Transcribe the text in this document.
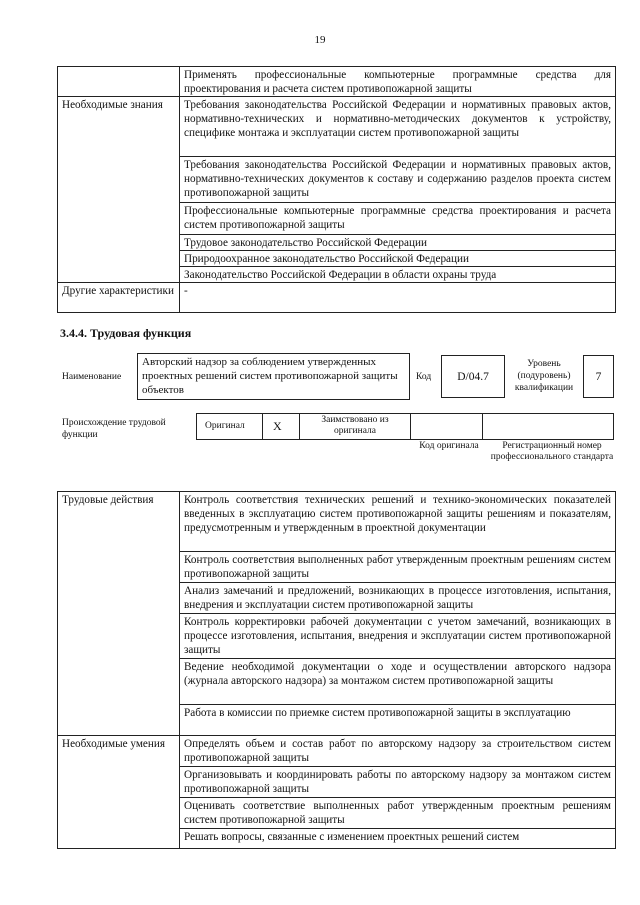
19
	Применять профессиональные компьютерные программные средства для проектирования и расчета систем противопожарной защиты
Необходимые знания	Требования законодательства Российской Федерации и нормативных правовых актов, нормативно-технических и нормативно-методических документов к устройству, специфике монтажа и эксплуатации систем противопожарной защиты
	Требования законодательства Российской Федерации и нормативных правовых актов, нормативно-технических документов к составу и содержанию разделов проекта систем противопожарной защиты
	Профессиональные компьютерные программные средства проектирования и расчета систем противопожарной защиты
	Трудовое законодательство Российской Федерации
	Природоохранное законодательство Российской Федерации
	Законодательство Российской Федерации в области охраны труда
Другие характеристики	-
3.4.4. Трудовая функция
Наименование
Авторский надзор за соблюдением утвержденных проектных решений систем противопожарной защиты объектов
Код D/04.7
Уровень (подуровень) квалификации
7
Происхождение трудовой функции
Оригинал X	Заимствовано из оригинала
Код оригинала	Регистрационный номер профессионального стандарта
Трудовые действия	Контроль соответствия технических решений и технико-экономических показателей введенных в эксплуатацию систем противопожарной защиты решениям и показателям, предусмотренным и утвержденным в проектной документации
	Контроль соответствия выполненных работ утвержденным проектным решениям систем противопожарной защиты
	Анализ замечаний и предложений, возникающих в процессе изготовления, испытания, внедрения и эксплуатации систем противопожарной защиты
	Контроль корректировки рабочей документации с учетом замечаний, возникающих в процессе изготовления, испытания, внедрения и эксплуатации систем противопожарной защиты
	Ведение необходимой документации о ходе и осуществлении авторского надзора (журнала авторского надзора) за монтажом систем противопожарной защиты
	Работа в комиссии по приемке систем противопожарной защиты в эксплуатацию
Необходимые умения	Определять объем и состав работ по авторскому надзору за строительством систем противопожарной защиты
	Организовывать и координировать работы по авторскому надзору за монтажом систем противопожарной защиты
	Оценивать соответствие выполненных работ утвержденным проектным решениям систем противопожарной защиты
	Решать вопросы, связанные с изменением проектных решений систем
